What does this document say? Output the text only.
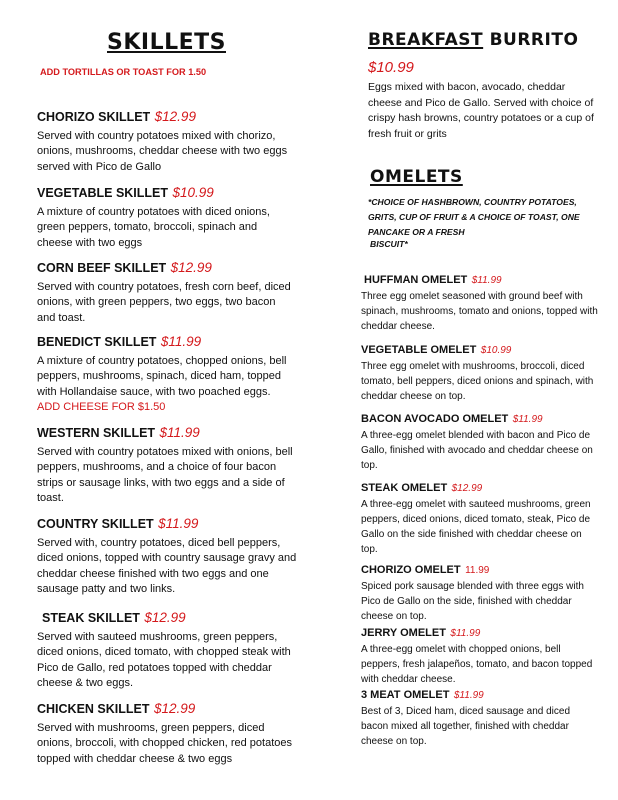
SKILLETS
ADD TORTILLAS OR TOAST FOR 1.50
CHORIZO SKILLET $12.99
Served with country potatoes mixed with chorizo, onions, mushrooms, cheddar cheese with two eggs served with Pico de Gallo
VEGETABLE SKILLET $10.99
A mixture of country potatoes with diced onions, green peppers, tomato, broccoli, spinach and cheese with two eggs
CORN BEEF SKILLET $12.99
Served with country potatoes, fresh corn beef, diced onions, with green peppers, two eggs, two bacon and toast.
BENEDICT SKILLET $11.99
A mixture of country potatoes, chopped onions, bell peppers, mushrooms, spinach, diced ham, topped with Hollandaise sauce, with two poached eggs. ADD CHEESE FOR $1.50
WESTERN SKILLET $11.99
Served with country potatoes mixed with onions, bell peppers, mushrooms, and a choice of four bacon strips or sausage links, with two eggs and a side of toast.
COUNTRY SKILLET $11.99
Served with, country potatoes, diced bell peppers, diced onions, topped with country sausage gravy and cheddar cheese finished with two eggs and one sausage patty and two links.
STEAK SKILLET $12.99
Served with sauteed mushrooms, green peppers, diced onions, diced tomato, with chopped steak with Pico de Gallo, red potatoes topped with cheddar cheese & two eggs.
CHICKEN SKILLET $12.99
Served with mushrooms, green peppers, diced onions, broccoli, with chopped chicken, red potatoes topped with cheddar cheese & two eggs
BREAKFAST BURRITO
$10.99
Eggs mixed with bacon, avocado, cheddar cheese and Pico de Gallo. Served with choice of crispy hash browns, country potatoes or a cup of fresh fruit or grits
OMELETS
*CHOICE OF HASHBROWN, COUNTRY POTATOES, GRITS, CUP OF FRUIT & A CHOICE OF TOAST, ONE PANCAKE OR A FRESH
BISCUIT*
HUFFMAN OMELET $11.99
Three egg omelet seasoned with ground beef with spinach, mushrooms, tomato and onions, topped with cheddar cheese.
VEGETABLE OMELET $10.99
Three egg omelet with mushrooms, broccoli, diced tomato, bell peppers, diced onions and spinach, with cheddar cheese on top.
BACON AVOCADO OMELET $11.99
A three-egg omelet blended with bacon and Pico de Gallo, finished with avocado and cheddar cheese on top.
STEAK OMELET $12.99
A three-egg omelet with sauteed mushrooms, green peppers, diced onions, diced tomato, steak, Pico de Gallo on the side finished with cheddar cheese on top.
CHORIZO OMELET 11.99
Spiced pork sausage blended with three eggs with Pico de Gallo on the side, finished with cheddar cheese on top.
JERRY OMELET $11.99
A three-egg omelet with chopped onions, bell peppers, fresh jalapeños, tomato, and bacon topped with cheddar cheese.
3 MEAT OMELET $11.99
Best of 3, Diced ham, diced sausage and diced bacon mixed all together, finished with cheddar cheese on top.
